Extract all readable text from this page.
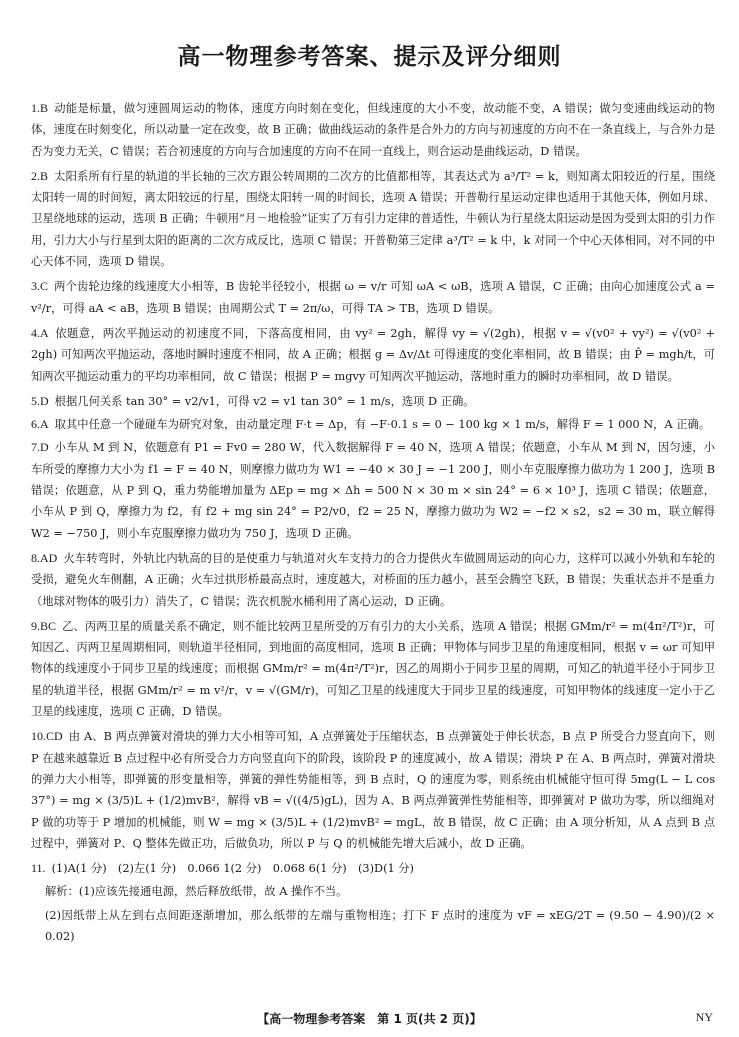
高一物理参考答案、提示及评分细则
1.B 动能是标量，做匀速圆周运动的物体，速度方向时刻在变化，但线速度的大小不变，故动能不变，A 错误；做匀变速曲线运动的物体，速度在时刻变化，所以动量一定在改变，故 B 正确；做曲线运动的条件是合外力的方向与初速度的方向不在一条直线上，与合外力是否为变力无关，C 错误；若合初速度的方向与合加速度的方向不在同一直线上，则合运动是曲线运动，D 错误。
2.B 太阳系所有行星的轨道的半长轴的三次方跟公转周期的二次方的比值都相等，其表达式为 a³/T² = k，则知离太阳较近的行星，围绕太阳转一周的时间短，离太阳较远的行星，围绕太阳转一周的时间长，选项 A 错误；开普勒行星运动定律也适用于其他天体，例如月球、卫星绕地球的运动，选项 B 正确；牛顿用“月－地检验”证实了万有引力定律的普适性，牛顿认为行星绕太阳运动是因为受到太阳的引力作用，引力大小与行星到太阳的距离的二次方成反比，选项 C 错误；开普勒第三定律 a³/T² = k 中，k 对同一个中心天体相同，对不同的中心天体不同，选项 D 错误。
3.C 两个齿轮边缘的线速度大小相等，B 齿轮半径较小，根据 ω = v/r 可知 ωA < ωB，选项 A 错误，C 正确；由向心加速度公式 a = v²/r，可得 aA < aB，选项 B 错误；由周期公式 T = 2π/ω，可得 TA > TB，选项 D 错误。
4.A 依题意，两次平抛运动的初速度不同，下落高度相同，由 vy² = 2gh，解得 vy = √(2gh)，根据 v = √(v0² + vy²) = √(v0² + 2gh) 可知两次平抛运动，落地时瞬时速度不相同，故 A 正确；根据 g = Δv/Δt 可得速度的变化率相同，故 B 错误；由 P̄ = mgh/t，可知两次平抛运动重力的平均功率相同，故 C 错误；根据 P = mgvy 可知两次平抛运动，落地时重力的瞬时功率相同，故 D 错误。
5.D 根据几何关系 tan 30° = v2/v1，可得 v2 = v1 tan 30° = 1 m/s，选项 D 正确。
6.A 取其中任意一个碰碰车为研究对象，由动量定理 F·t = Δp，有 −F·0.1 s = 0 − 100 kg × 1 m/s，解得 F = 1 000 N，A 正确。
7.D 小车从 M 到 N，依题意有 P1 = Fv0 = 280 W，代入数据解得 F = 40 N，选项 A 错误；依题意，小车从 M 到 N，因匀速，小车所受的摩擦力大小为 f1 = F = 40 N，则摩擦力做功为 W1 = −40 × 30 J = −1 200 J，则小车克服摩擦力做功为 1 200 J，选项 B 错误；依题意，从 P 到 Q，重力势能增加量为 ΔEp = mg × Δh = 500 N × 30 m × sin 24° = 6 × 10³ J，选项 C 错误；依题意，小车从 P 到 Q，摩擦力为 f2，有 f2 + mg sin 24° = P2/v0，f2 = 25 N，摩擦力做功为 W2 = −f2 × s2，s2 = 30 m，联立解得 W2 = −750 J，则小车克服摩擦力做功为 750 J，选项 D 正确。
8.AD 火车转弯时，外轨比内轨高的目的是使重力与轨道对火车支持力的合力提供火车做圆周运动的向心力，这样可以减小外轨和车轮的受损，避免火车侧翻，A 正确；火车过拱形桥最高点时，速度越大，对桥面的压力越小，甚至会腾空飞跃，B 错误；失重状态并不是重力（地球对物体的吸引力）消失了，C 错误；洗衣机脱水桶利用了离心运动，D 正确。
9.BC 乙、丙两卫星的质量关系不确定，则不能比较两卫星所受的万有引力的大小关系，选项 A 错误；根据 GMm/r² = m(4π²/T²)r，可知因乙、丙两卫星周期相同，则轨道半径相同，到地面的高度相同，选项 B 正确；甲物体与同步卫星的角速度相同，根据 v = ωr 可知甲物体的线速度小于同步卫星的线速度；而根据 GMm/r² = m(4π²/T²)r，因乙的周期小于同步卫星的周期，可知乙的轨道半径小于同步卫星的轨道半径，根据 GMm/r² = m v²/r，v = √(GM/r)，可知乙卫星的线速度大于同步卫星的线速度，可知甲物体的线速度一定小于乙卫星的线速度，选项 C 正确，D 错误。
10.CD 由 A、B 两点弹簧对滑块的弹力大小相等可知，A 点弹簧处于压缩状态，B 点弹簧处于伸长状态，B 点 P 所受合力竖直向下，则 P 在越来越靠近 B 点过程中必有所受合力方向竖直向下的阶段，该阶段 P 的速度减小，故 A 错误；滑块 P 在 A、B 两点时，弹簧对滑块的弹力大小相等，即弹簧的形变量相等，弹簧的弹性势能相等，到 B 点时，Q 的速度为零，则系统由机械能守恒可得 5mg(L − L cos 37°) = mg × (3/5)L + (1/2)mvB²，解得 vB = √((4/5)gL)，因为 A、B 两点弹簧弹性势能相等，即弹簧对 P 做功为零，所以细绳对 P 做的功等于 P 增加的机械能，则 W = mg × (3/5)L + (1/2)mvB² = mgL，故 B 错误，故 C 正确；由 A 项分析知，从 A 点到 B 点过程中，弹簧对 P、Q 整体先做正功，后做负功，所以 P 与 Q 的机械能先增大后减小，故 D 正确。
11. (1)A(1 分)　(2)左(1 分)　0.066 1(2 分)　0.068 6(1 分)　(3)D(1 分)
解析：(1)应该先接通电源，然后释放纸带，故 A 操作不当。
(2)因纸带上从左到右点间距逐渐增加，那么纸带的左端与重物相连；打下 F 点时的速度为 vF = xEG/2T = (9.50 − 4.90)/(2 × 0.02)
【高一物理参考答案　第 1 页(共 2 页)】	NY
